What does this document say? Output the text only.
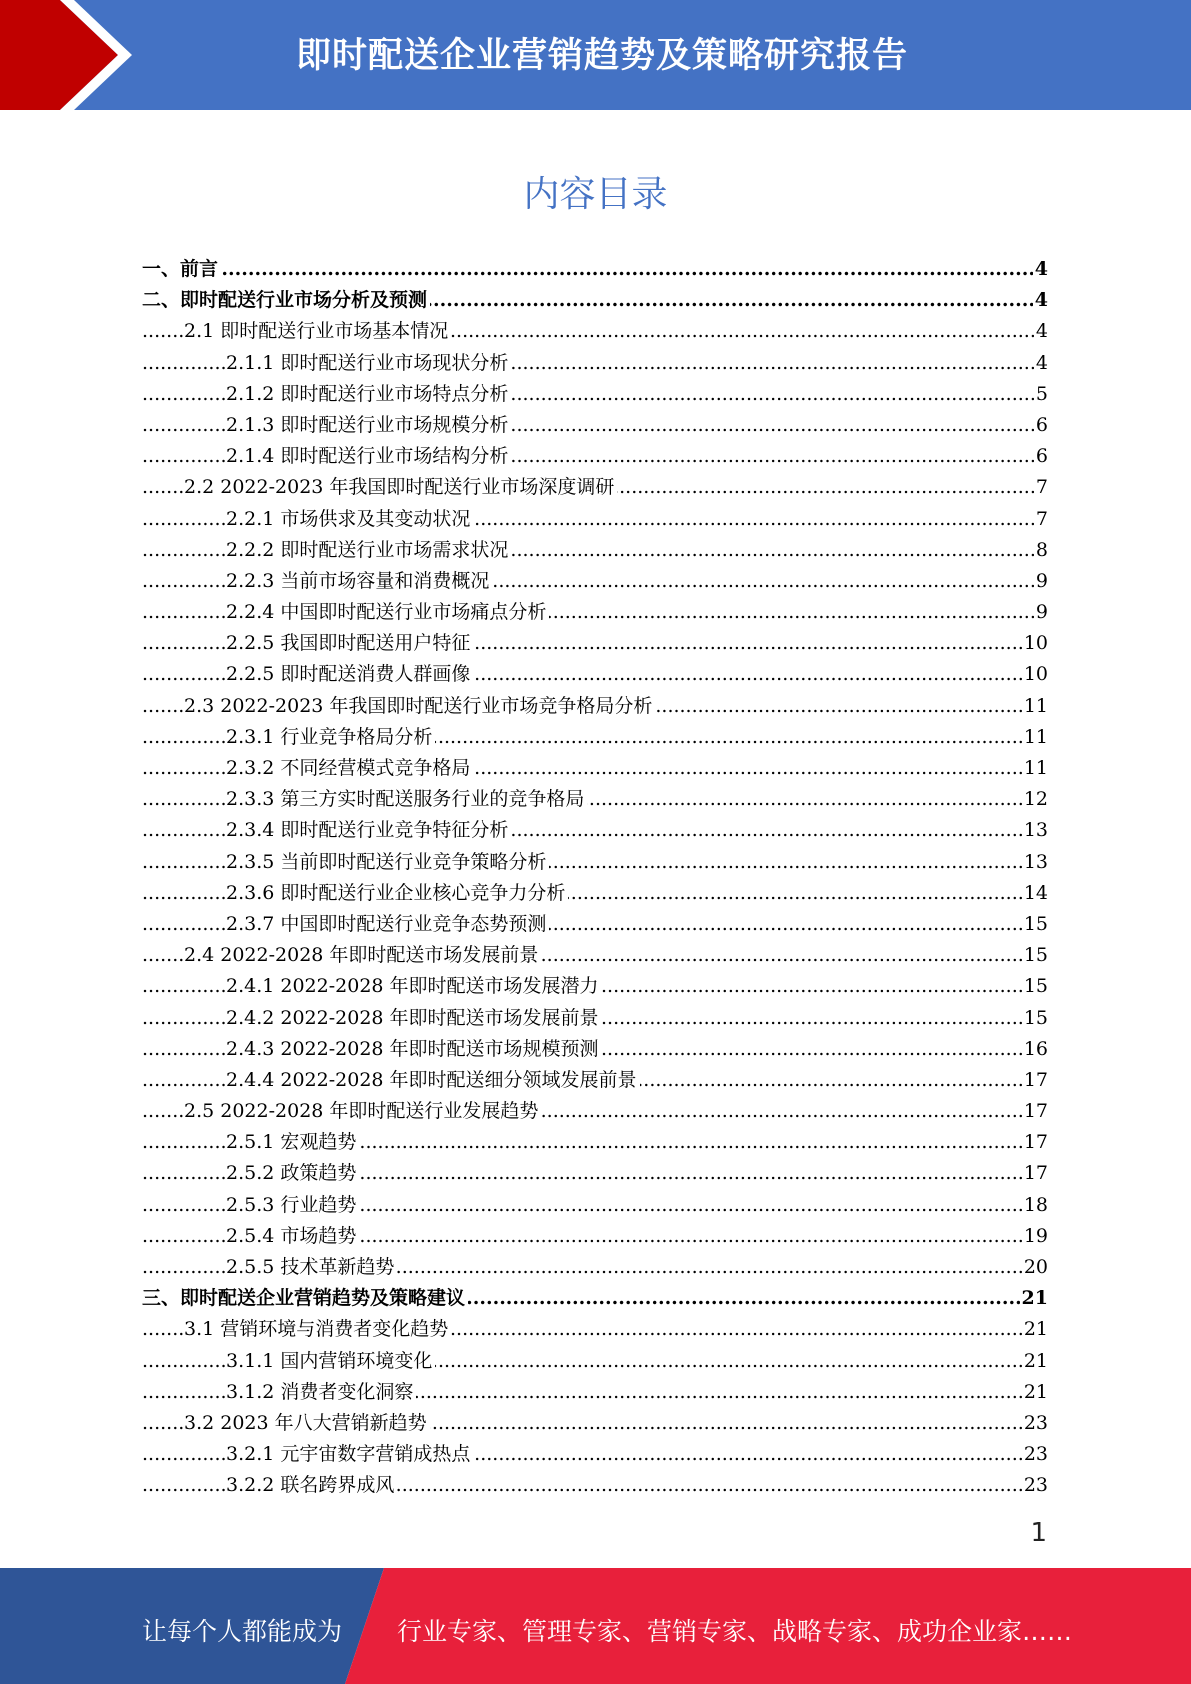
即时配送企业营销趋势及策略研究报告
内容目录
.....
一、前言	4
.....
二、即时配送行业市场分析及预测	4
.....
2.1 即时配送行业市场基本情况	4
.....
2.1.1 即时配送行业市场现状分析	4
.....
2.1.2 即时配送行业市场特点分析	5
.....
2.1.3 即时配送行业市场规模分析	6
.....
2.1.4 即时配送行业市场结构分析	6
.....
2.2 2022-2023 年我国即时配送行业市场深度调研	7
.....
2.2.1 市场供求及其变动状况	7
.....
2.2.2 即时配送行业市场需求状况	8
.....
2.2.3 当前市场容量和消费概况	9
.....
2.2.4 中国即时配送行业市场痛点分析	9
.....
2.2.5 我国即时配送用户特征	10
.....
2.2.5 即时配送消费人群画像	10
.....
2.3 2022-2023 年我国即时配送行业市场竞争格局分析	11
.....
2.3.1 行业竞争格局分析	11
.....
2.3.2 不同经营模式竞争格局	11
.....
2.3.3 第三方实时配送服务行业的竞争格局	12
.....
2.3.4 即时配送行业竞争特征分析	13
.....
2.3.5 当前即时配送行业竞争策略分析	13
.....
2.3.6 即时配送行业企业核心竞争力分析	14
.....
2.3.7 中国即时配送行业竞争态势预测	15
.....
2.4 2022-2028 年即时配送市场发展前景	15
.....
2.4.1 2022-2028 年即时配送市场发展潜力	15
.....
2.4.2 2022-2028 年即时配送市场发展前景	15
.....
2.4.3 2022-2028 年即时配送市场规模预测	16
.....
2.4.4 2022-2028 年即时配送细分领域发展前景	17
.....
2.5 2022-2028 年即时配送行业发展趋势	17
.....
2.5.1 宏观趋势	17
.....
2.5.2 政策趋势	17
.....
2.5.3 行业趋势	18
.....
2.5.4 市场趋势	19
.....
2.5.5 技术革新趋势	20
.....
三、即时配送企业营销趋势及策略建议	21
.....
3.1 营销环境与消费者变化趋势	21
.....
3.1.1 国内营销环境变化	21
.....
3.1.2 消费者变化洞察	21
.....
3.2 2023 年八大营销新趋势	23
.....
3.2.1 元宇宙数字营销成热点	23
.....
3.2.2 联名跨界成风	23
1
让每个人都能成为 行业专家、管理专家、营销专家、战略专家、成功企业家……
